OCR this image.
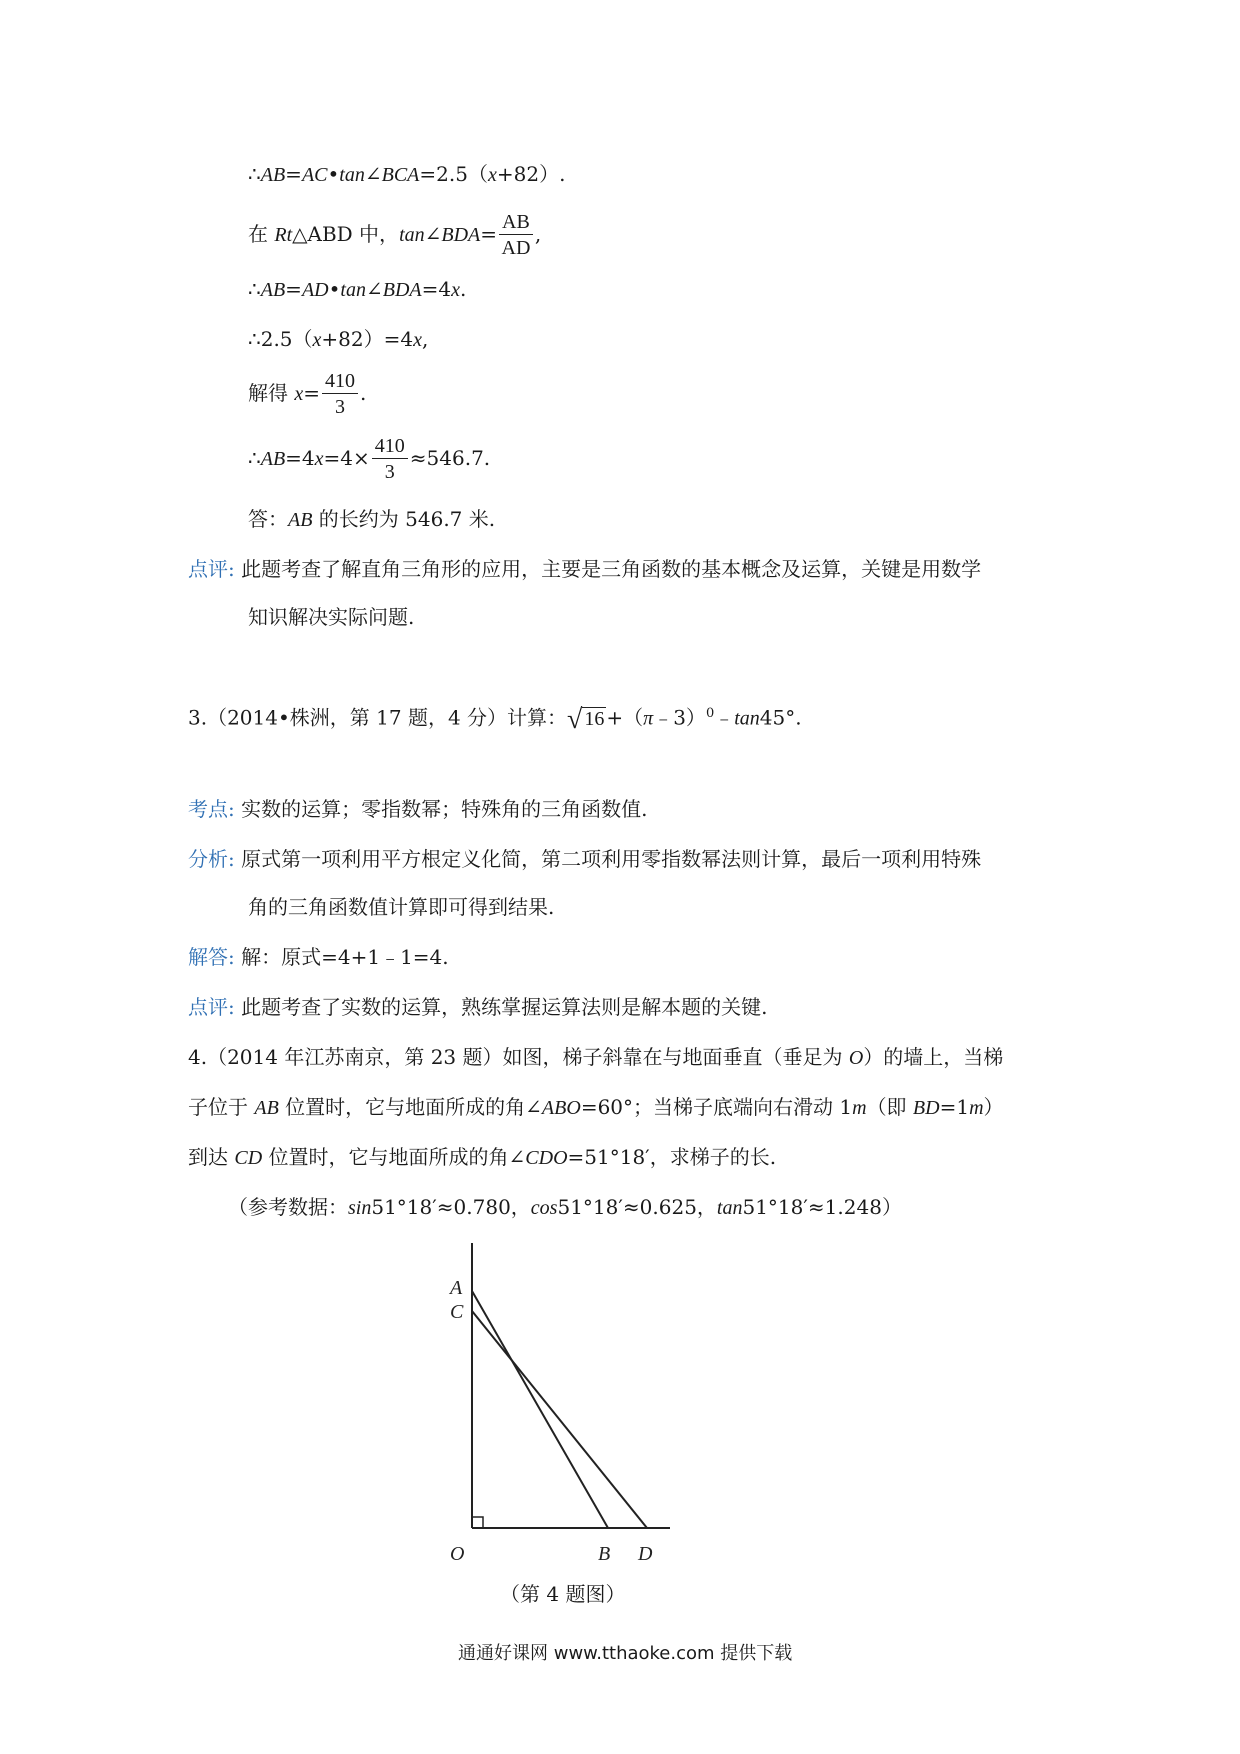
∴AB=AC•tan∠BCA=2.5（x+82）.
在 Rt△ABD 中，tan∠BDA= $\frac{AB}{AD}$ ,
∴AB=AD•tan∠BDA=4x.
∴2.5（x+82）=4x,
解得 $x= \frac{410}{3}$ .
∴AB=4x=4× $\frac{410}{3} \approx 546.7$.
答：AB 的长约为 546.7 米.
点评: 此题考查了解直角三角形的应用，主要是三角函数的基本概念及运算，关键是用数学
知识解决实际问题.
3.（2014•株洲，第 17 题，4 分）计算：√ 16 +（π﹣3）$^0$﹣tan45°.
考点: 实数的运算；零指数幂；特殊角的三角函数值.
分析: 原式第一项利用平方根定义化简，第二项利用零指数幂法则计算，最后一项利用特殊
角的三角函数值计算即可得到结果.
解答: 解：原式=4+1﹣1=4.
点评: 此题考查了实数的运算，熟练掌握运算法则是解本题的关键.
4.（2014 年江苏南京，第 23 题）如图，梯子斜靠在与地面垂直（垂足为 O）的墙上，当梯
子位于 AB 位置时，它与地面所成的角∠ABO=60°；当梯子底端向右滑动 1m（即 BD=1m）
到达 CD 位置时，它与地面所成的角∠CDO=51°18′，求梯子的长.
（参考数据：sin51°18′≈0.780，cos51°18′≈0.625，tan51°18′≈1.248）
A
C
O	B D
（第 4 题图）
通通好课网 www.tthaoke.com 提供下载
